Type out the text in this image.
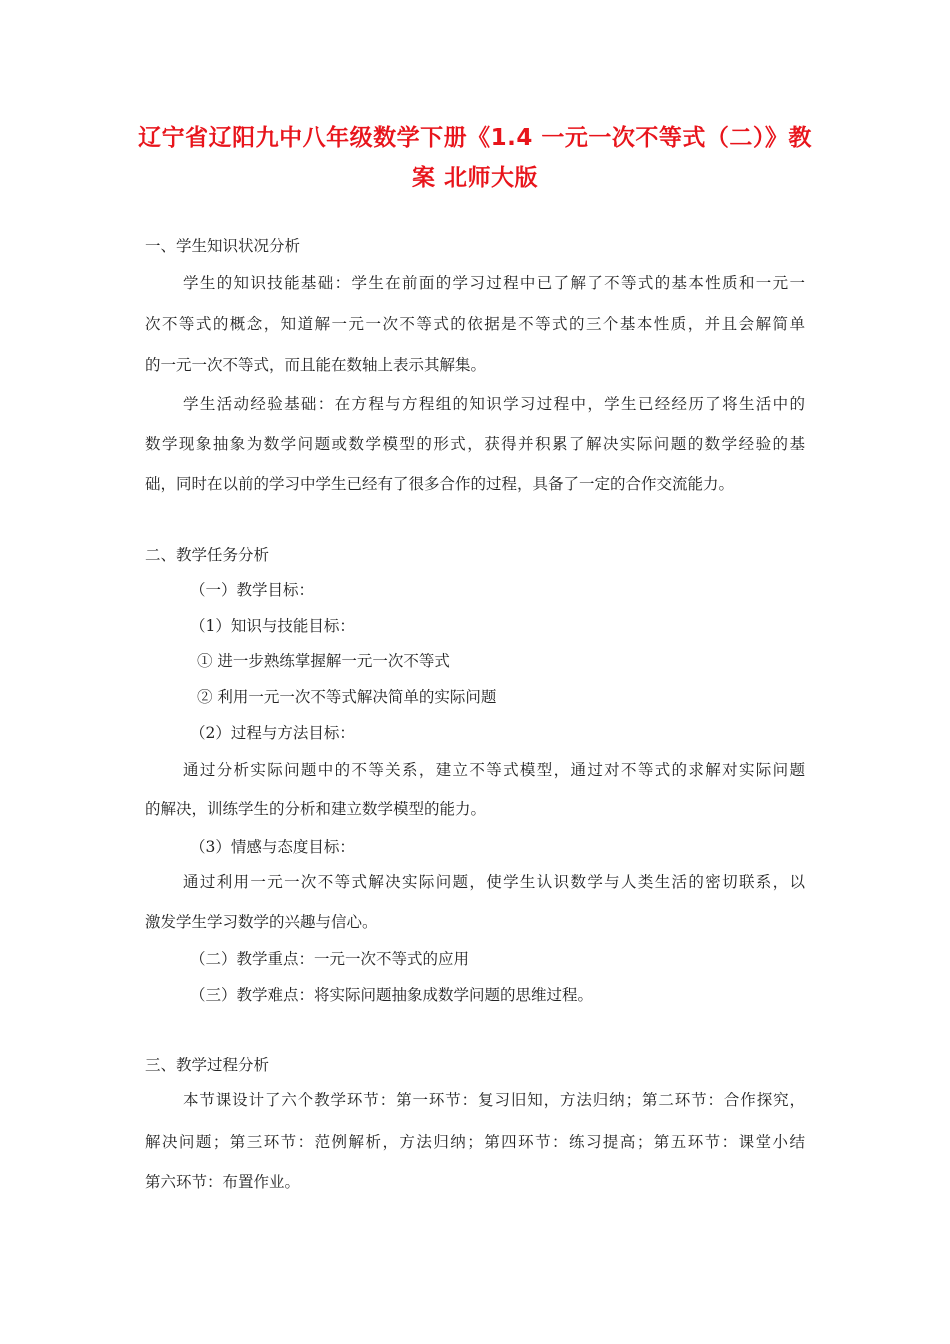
辽宁省辽阳九中八年级数学下册《1.4 一元一次不等式（二）》教
案 北师大版
一、学生知识状况分析
学生的知识技能基础：学生在前面的学习过程中已了解了不等式的基本性质和一元一
次不等式的概念，知道解一元一次不等式的依据是不等式的三个基本性质，并且会解简单
的一元一次不等式，而且能在数轴上表示其解集。
学生活动经验基础：在方程与方程组的知识学习过程中，学生已经经历了将生活中的
数学现象抽象为数学问题或数学模型的形式，获得并积累了解决实际问题的数学经验的基
础，同时在以前的学习中学生已经有了很多合作的过程，具备了一定的合作交流能力。
二、教学任务分析
（一）教学目标：
（1）知识与技能目标：
① 进一步熟练掌握解一元一次不等式
② 利用一元一次不等式解决简单的实际问题
（2）过程与方法目标：
通过分析实际问题中的不等关系，建立不等式模型，通过对不等式的求解对实际问题
的解决，训练学生的分析和建立数学模型的能力。
（3）情感与态度目标：
通过利用一元一次不等式解决实际问题，使学生认识数学与人类生活的密切联系，以
激发学生学习数学的兴趣与信心。
（二）教学重点：一元一次不等式的应用
（三）教学难点：将实际问题抽象成数学问题的思维过程。
三、教学过程分析
本节课设计了六个教学环节：第一环节：复习旧知，方法归纳；第二环节：合作探究，
解决问题；第三环节：范例解析，方法归纳；第四环节：练习提高；第五环节：课堂小结
第六环节：布置作业。
